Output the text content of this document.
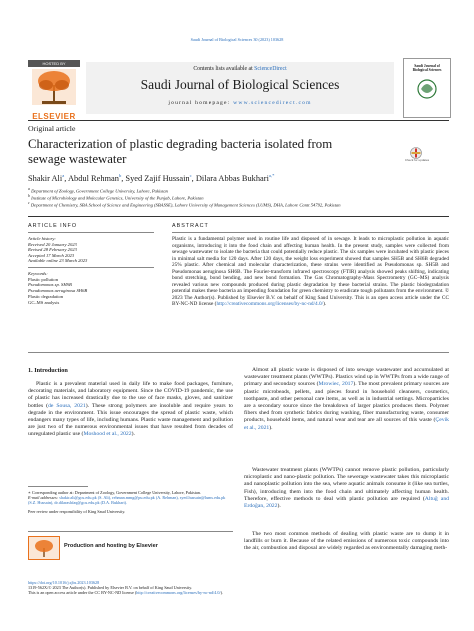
Saudi Journal of Biological Sciences 30 (2023) 103628
HOSTED BY
ELSEVIER
Contents lists available at ScienceDirect
Saudi Journal of Biological Sciences
journal homepage: www.sciencedirect.com
Saudi Journal of Biological Sciences
Original article
Characterization of plastic degrading bacteria isolated from sewage wastewater	Check for updates
Shakir Ali$^a$, Abdul Rehman$^b$, Syed Zajif Hussain$^c$, Dilara Abbas Bukhari$^{a,*}$
$^a$ Department of Zoology, Government College University, Lahore, Pakistan
$^b$ Institute of Microbiology and Molecular Genetics, University of the Punjab, Lahore, Pakistan
$^c$ Department of Chemistry, SBA School of Science and Engineering (SBASSE), Lahore University of Management Sciences (LUMS), DHA, Lahore Cantt 54792, Pakistan
ARTICLE INFO
Article history:
Received 20 January 2023
Revised 28 February 2023
Accepted 17 March 2023
Available online 23 March 2023
Keywords:
Plastic pollution
Pseudomonas sp. SHSB
Pseudomonas aeruginosa SH6B
Plastic degradation
GC–MS analysis
ABSTRACT
Plastic is a fundamental polymer used in routine life and disposed of in sewage. It leads to microplastic pollution in aquatic organisms, introducing it into the food chain and affecting human health. In the present study, samples were collected from sewage wastewater to isolate the bacteria that could potentially reduce plastic. The six samples were incubated with plastic pieces in minimal salt media for 120 days. After 120 days, the weight loss experiment showed that samples SH5B and SH6B degraded 25% plastic. After chemical and molecular characterization, these strains were identified as Pseudomonas sp. SH5B and Pseudomonas aeruginosa SH6B. The Fourier-transform infrared spectroscopy (FTIR) analysis showed peaks shifting, indicating bond stretching, bond bending, and new bond formation. The Gas Chromatography-Mass Spectrometry (GC–MS) analysis revealed various new compounds produced during plastic degradation by these bacterial strains. The plastic biodegradation potential makes these bacteria an impending foundation for green chemistry to eradicate tough pollutants from the environment. © 2023 The Author(s). Published by Elsevier B.V. on behalf of King Saud University. This is an open access article under the CC BY-NC-ND license (http://creativecommons.org/licenses/by-nc-nd/4.0/).
1. Introduction
Plastic is a prevalent material used in daily life to make food packages, furniture, decorating materials, and laboratory equipment. Since the COVID-19 pandemic, the use of plastic has increased drastically due to the use of face masks, gloves, and sanitizer bottles (de Sousa, 2021). These strong polymers are insoluble and require years to degrade in the environment. This issue encourages the spread of plastic waste, which endangers many types of life, including humans. Plastic waste management and pollution are just two of the numerous environmental issues that have resulted from decades of unregulated plastic use (Moshood et al., 2022).
∗ Corresponding author at: Department of Zoology, Government College University, Lahore, Pakistan.
E-mail addresses: shakir.ali@gcu.edu.pk (S. Ali), rehman.mmg@pu.edu.pk (A. Rehman), syed.hussain@lums.edu.pk (S.Z. Hussain), dr.dilarashfaq@gcu.edu.pk (D.A. Bukhari).
Peer review under responsibility of King Saud University.
Production and hosting by Elsevier
Almost all plastic waste is disposed of into sewage wastewater and accumulated at wastewater treatment plants (WWTPs). Plastics wind up in WWTPs from a wide range of primary and secondary sources (Mrowiec, 2017). The most prevalent primary sources are plastic microbeads, pellets, and pieces found in household cleansers, cosmetics, toothpaste, and other personal care items, as well as in industrial settings. Microparticles are a secondary source since the breakdown of larger plastics produces them. Polymer fibers shed from synthetic fabrics during washing, fiber manufacturing waste, consumer products, household items, and natural wear and tear are all sources of this waste (Çevik et al., 2021).
Wastewater treatment plants (WWTPs) cannot remove plastic pollution, particularly microplastic and nano-plastic pollution. The sewerage wastewater takes this microplastic and nanoplastic pollution into the sea, where aquatic animals consume it (like sea turtles, Fish), introducing them into the food chain and ultimately affecting human health. Therefore, effective methods to deal with plastic pollution are required (Altuğ and Erdoğan, 2022).
The two most common methods of dealing with plastic waste are to dump it in landfills or burn it. Because of the related emissions of numerous toxic compounds into the air, combustion and disposal are widely regarded as environmentally damaging meth-
https://doi.org/10.1016/j.sjbs.2023.103628
1319-562X/© 2023 The Author(s). Published by Elsevier B.V. on behalf of King Saud University.
This is an open access article under the CC BY-NC-ND license (http://creativecommons.org/licenses/by-nc-nd/4.0/).
